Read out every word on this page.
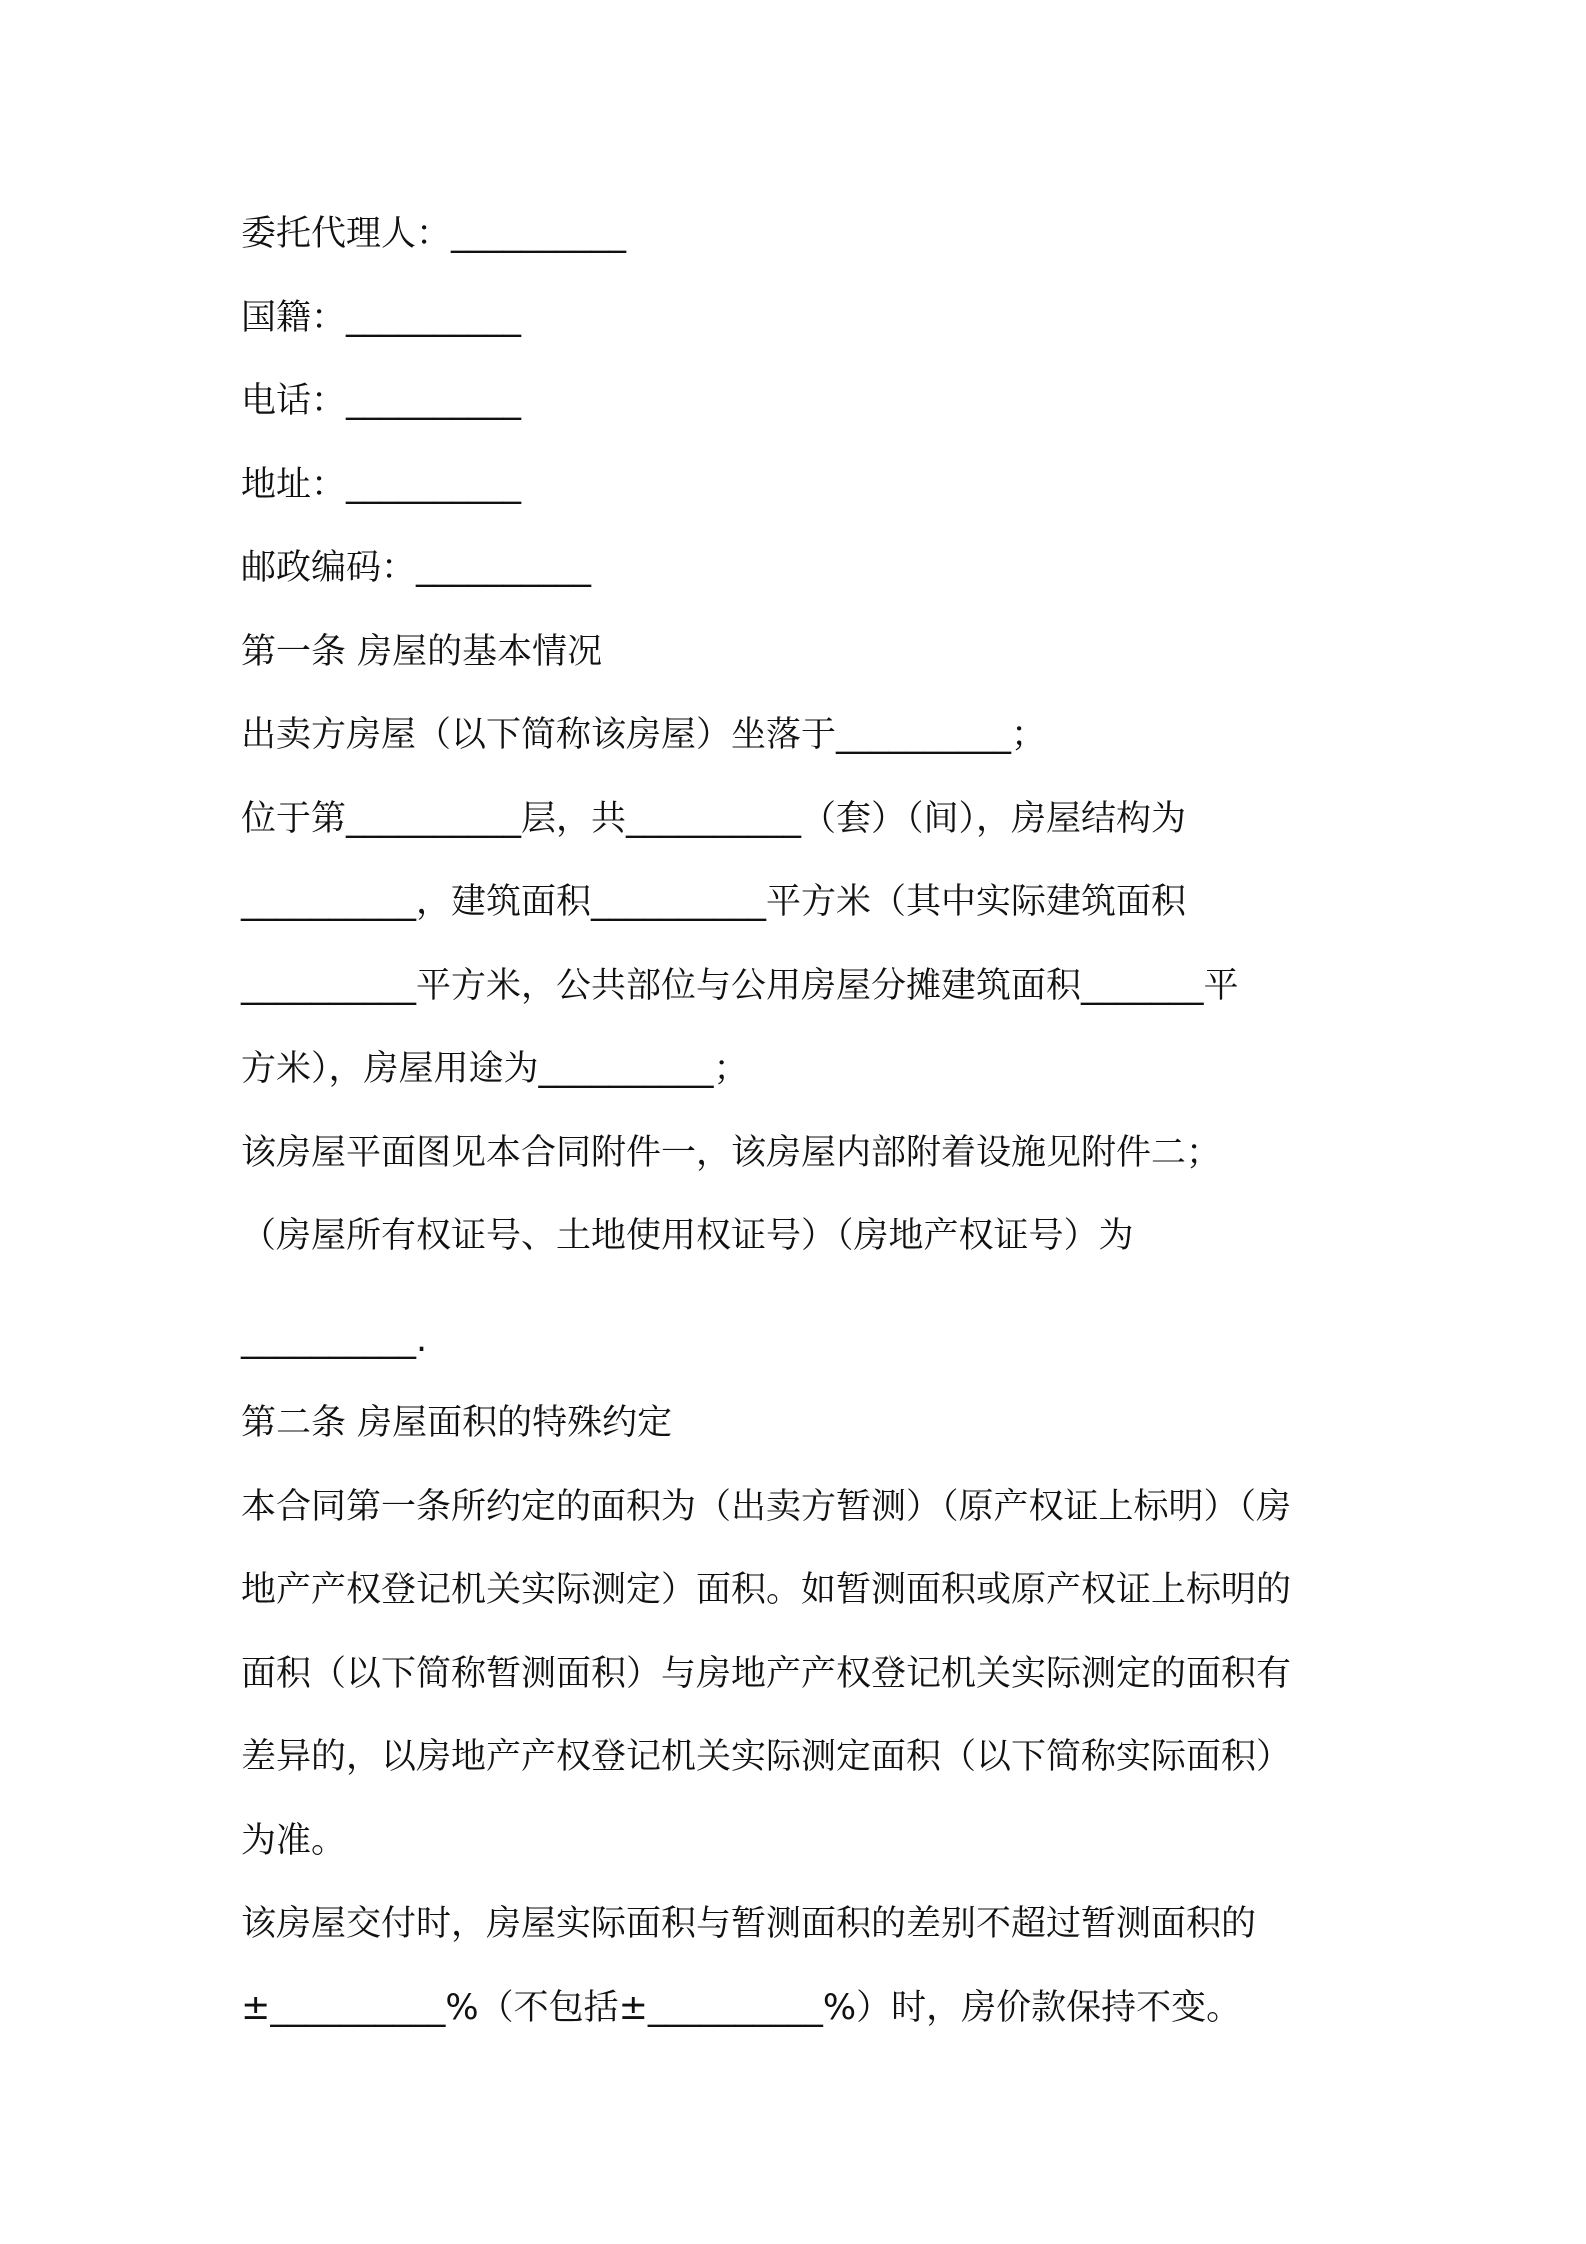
委托代理人：__________
国籍：__________
电话：__________
地址：__________
邮政编码：__________
第一条 房屋的基本情况
出卖方房屋（以下简称该房屋）坐落于__________；
位于第__________层，共__________（套）（间），房屋结构为
__________，建筑面积__________平方米（其中实际建筑面积
__________平方米，公共部位与公用房屋分摊建筑面积_______平
方米），房屋用途为__________；
该房屋平面图见本合同附件一，该房屋内部附着设施见附件二；
（房屋所有权证号、土地使用权证号）（房地产权证号）为
__________.
第二条 房屋面积的特殊约定
本合同第一条所约定的面积为（出卖方暂测）（原产权证上标明）（房
地产产权登记机关实际测定）面积。如暂测面积或原产权证上标明的
面积（以下简称暂测面积）与房地产产权登记机关实际测定的面积有
差异的，以房地产产权登记机关实际测定面积（以下简称实际面积）
为准。
该房屋交付时，房屋实际面积与暂测面积的差别不超过暂测面积的
±__________%（不包括±__________%）时，房价款保持不变。
